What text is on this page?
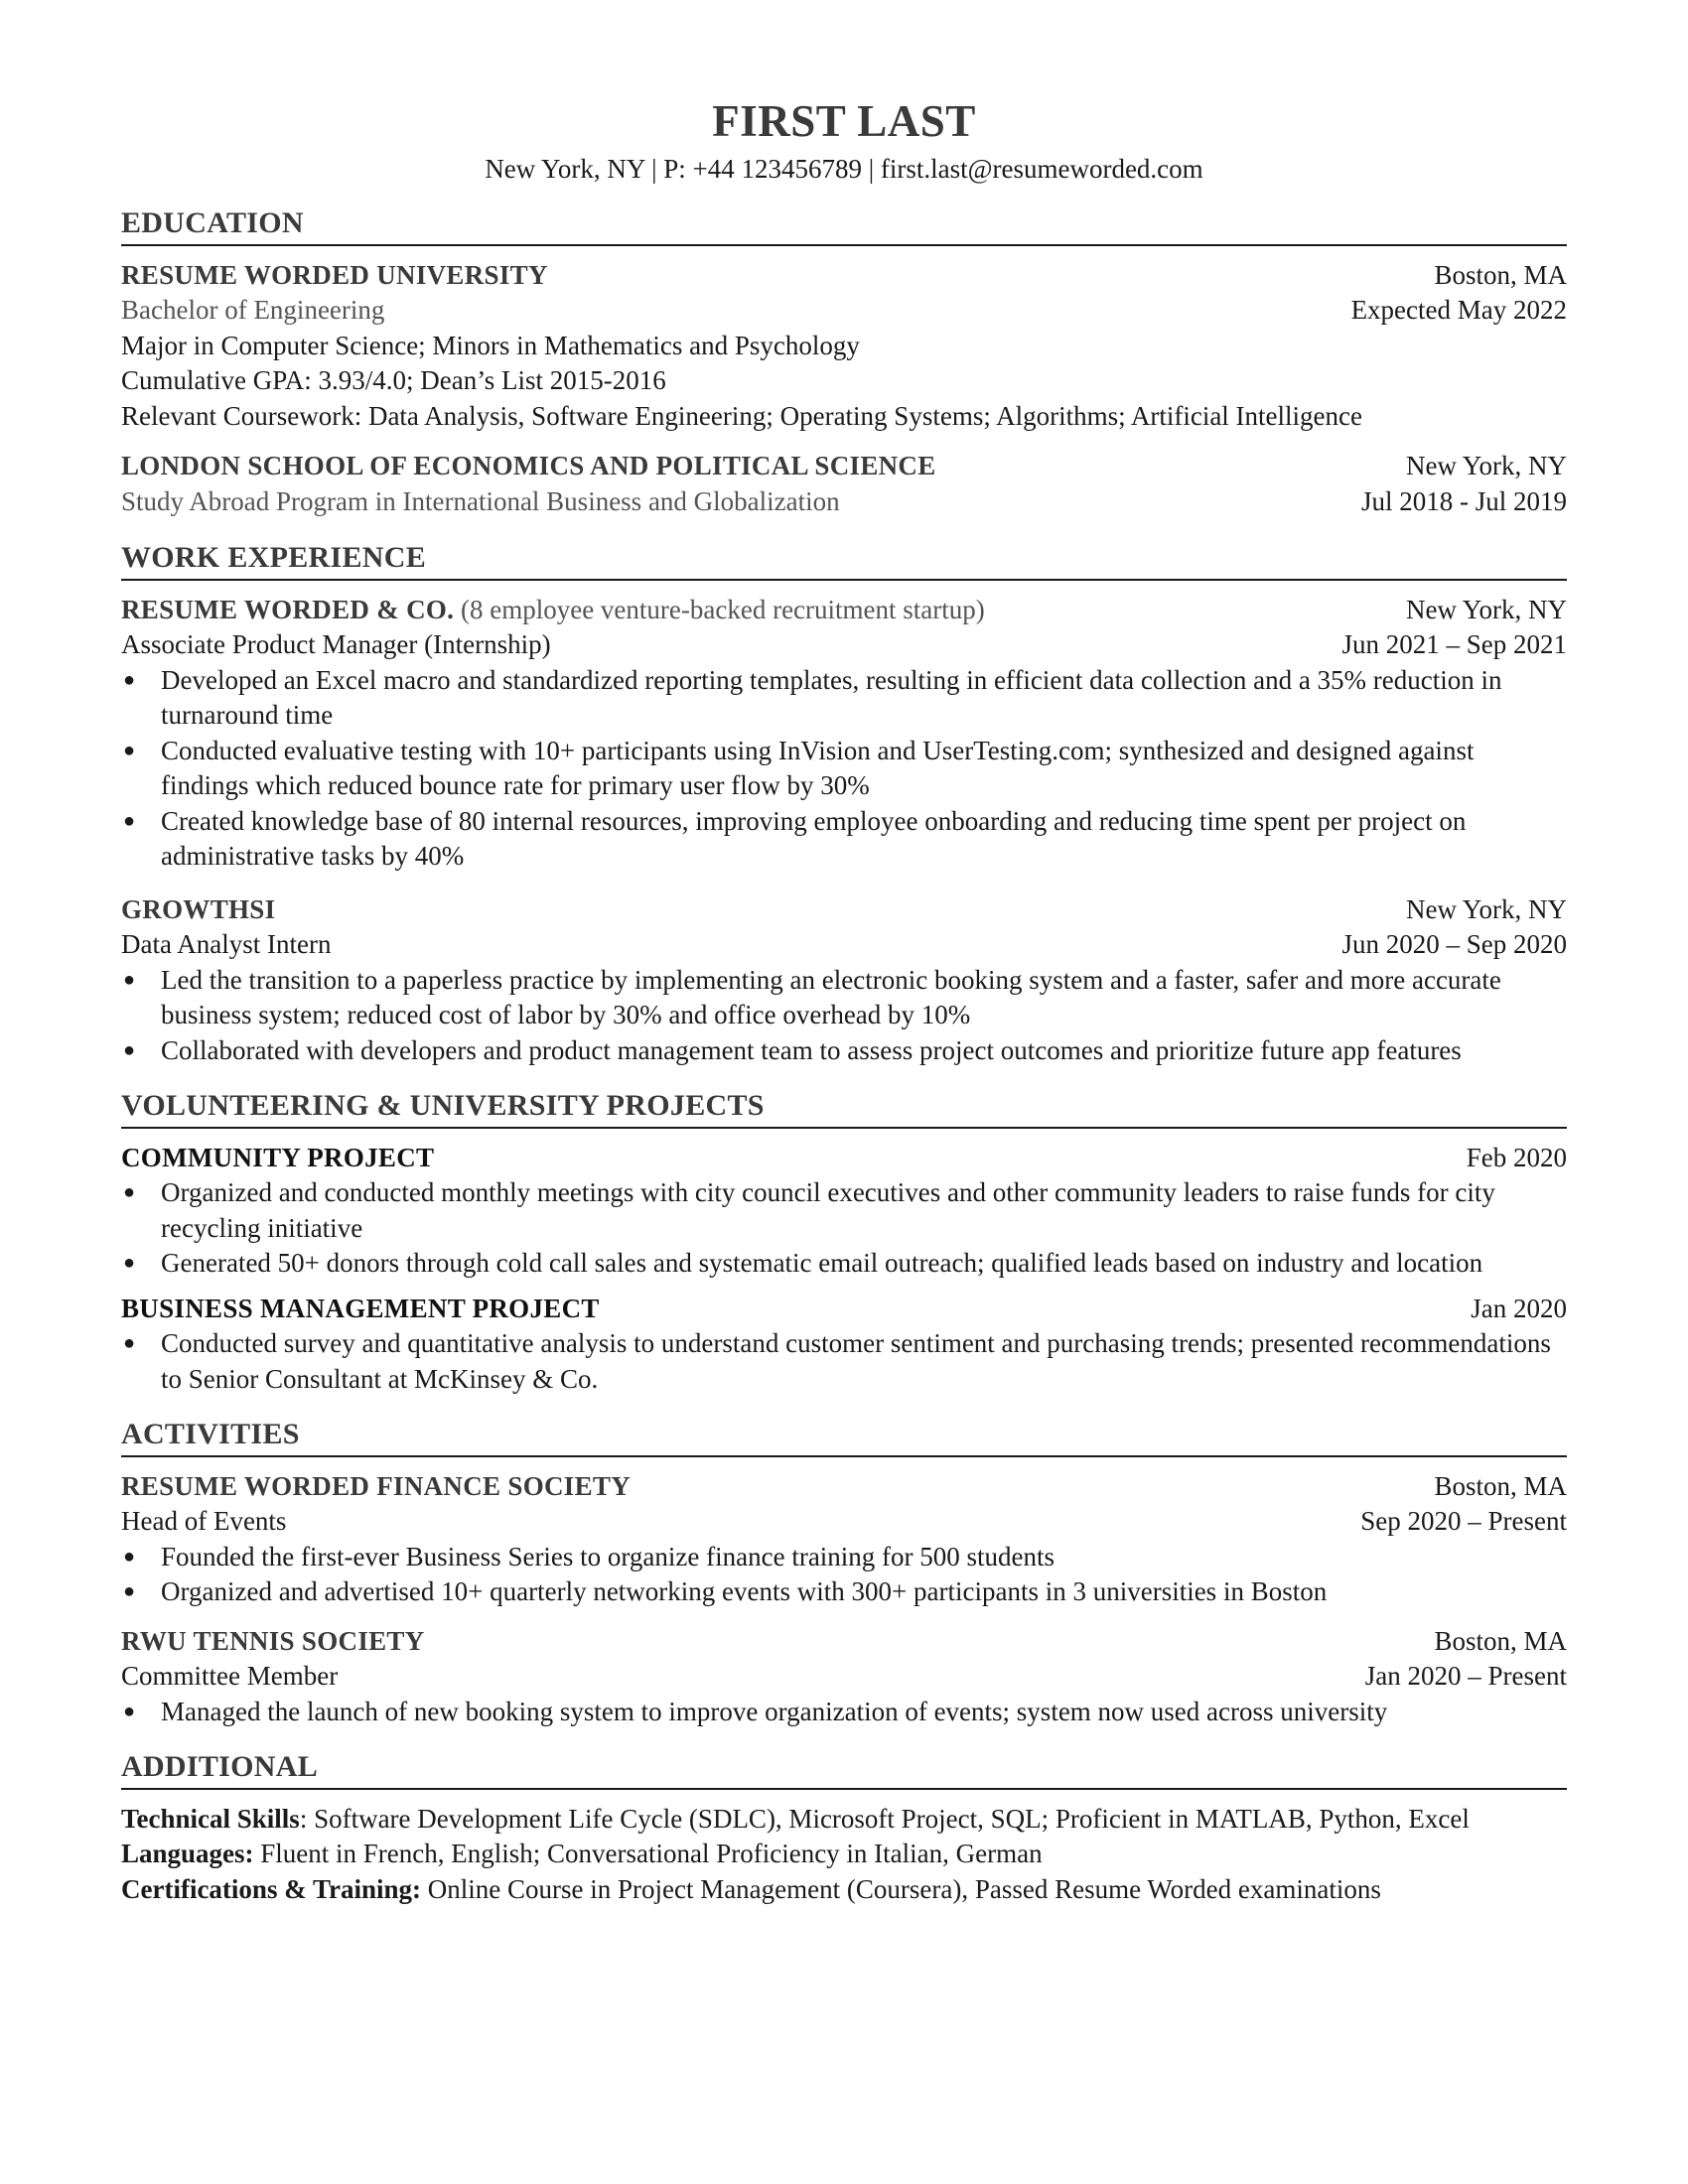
FIRST LAST
New York, NY | P: +44 123456789 | first.last@resumeworded.com
EDUCATION
RESUME WORDED UNIVERSITY	Boston, MA
Bachelor of Engineering	Expected May 2022
Major in Computer Science; Minors in Mathematics and Psychology
Cumulative GPA: 3.93/4.0; Dean’s List 2015-2016
Relevant Coursework: Data Analysis, Software Engineering; Operating Systems; Algorithms; Artificial Intelligence
LONDON SCHOOL OF ECONOMICS AND POLITICAL SCIENCE	New York, NY
Study Abroad Program in International Business and Globalization	Jul 2018 - Jul 2019
WORK EXPERIENCE
RESUME WORDED & CO. (8 employee venture-backed recruitment startup)	New York, NY
Associate Product Manager (Internship)	Jun 2021 – Sep 2021
● Developed an Excel macro and standardized reporting templates, resulting in efficient data collection and a 35% reduction in turnaround time
● Conducted evaluative testing with 10+ participants using InVision and UserTesting.com; synthesized and designed against findings which reduced bounce rate for primary user flow by 30%
● Created knowledge base of 80 internal resources, improving employee onboarding and reducing time spent per project on administrative tasks by 40%
GROWTHSI	New York, NY
Data Analyst Intern	Jun 2020 – Sep 2020
● Led the transition to a paperless practice by implementing an electronic booking system and a faster, safer and more accurate business system; reduced cost of labor by 30% and office overhead by 10%
● Collaborated with developers and product management team to assess project outcomes and prioritize future app features
VOLUNTEERING & UNIVERSITY PROJECTS
COMMUNITY PROJECT	Feb 2020
● Organized and conducted monthly meetings with city council executives and other community leaders to raise funds for city recycling initiative
● Generated 50+ donors through cold call sales and systematic email outreach; qualified leads based on industry and location
BUSINESS MANAGEMENT PROJECT	Jan 2020
● Conducted survey and quantitative analysis to understand customer sentiment and purchasing trends; presented recommendations to Senior Consultant at McKinsey & Co.
ACTIVITIES
RESUME WORDED FINANCE SOCIETY	Boston, MA
Head of Events	Sep 2020 – Present
● Founded the first-ever Business Series to organize finance training for 500 students
● Organized and advertised 10+ quarterly networking events with 300+ participants in 3 universities in Boston
RWU TENNIS SOCIETY	Boston, MA
Committee Member	Jan 2020 – Present
● Managed the launch of new booking system to improve organization of events; system now used across university
ADDITIONAL
Technical Skills: Software Development Life Cycle (SDLC), Microsoft Project, SQL; Proficient in MATLAB, Python, Excel
Languages: Fluent in French, English; Conversational Proficiency in Italian, German
Certifications & Training: Online Course in Project Management (Coursera), Passed Resume Worded examinations
